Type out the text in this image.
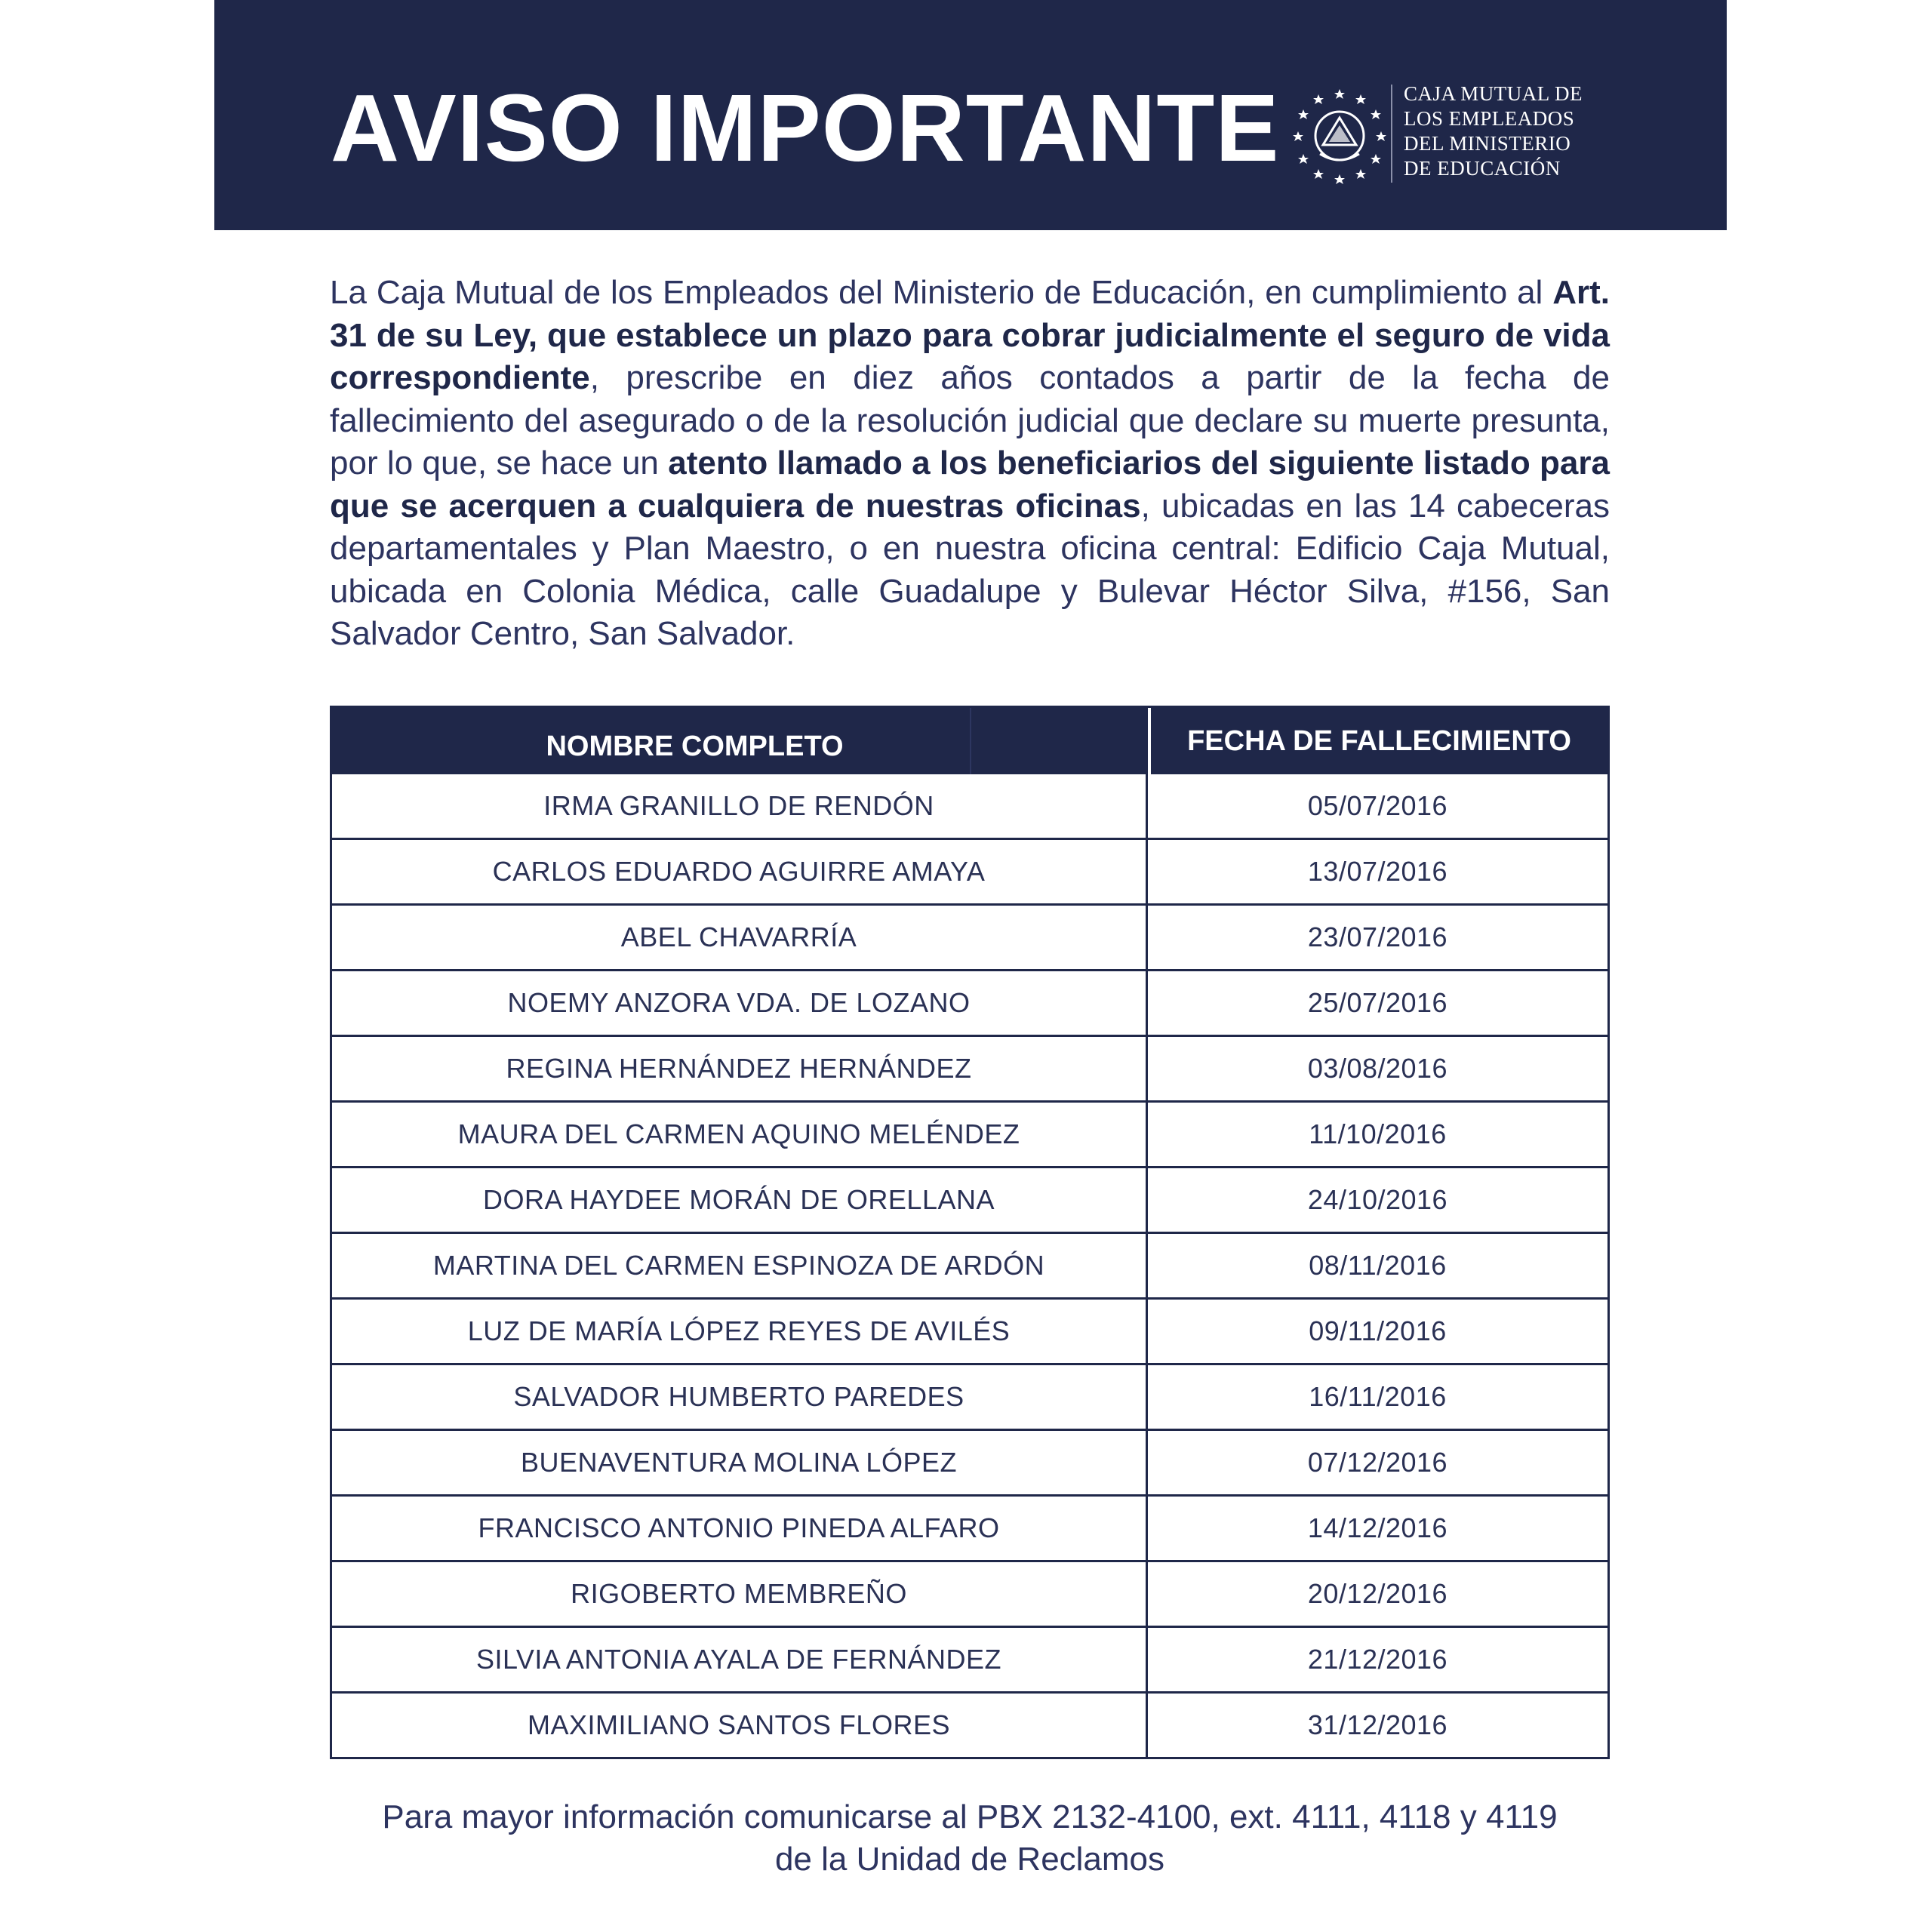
AVISO IMPORTANTE	CAJA MUTUAL DE
LOS EMPLEADOS
DEL MINISTERIO
DE EDUCACIÓN
La Caja Mutual de los Empleados del Ministerio de Educación, en cumplimiento al Art. 31 de su Ley, que establece un plazo para cobrar judicialmente el seguro de vida correspondiente, prescribe en diez años contados a partir de la fecha de fallecimiento del asegurado o de la resolución judicial que declare su muerte presunta, por lo que, se hace un atento llamado a los beneficiarios del siguiente listado para que se acerquen a cualquiera de nuestras oficinas, ubicadas en las 14 cabeceras departamentales y Plan Maestro, o en nuestra oficina central: Edificio Caja Mutual, ubicada en Colonia Médica, calle Guadalupe y Bulevar Héctor Silva, #156, San Salvador Centro, San Salvador.
NOMBRE COMPLETO	FECHA DE FALLECIMIENTO
IRMA GRANILLO DE RENDÓN	05/07/2016
CARLOS EDUARDO AGUIRRE AMAYA	13/07/2016
ABEL CHAVARRÍA	23/07/2016
NOEMY ANZORA VDA. DE LOZANO	25/07/2016
REGINA HERNÁNDEZ HERNÁNDEZ	03/08/2016
MAURA DEL CARMEN AQUINO MELÉNDEZ	11/10/2016
DORA HAYDEE MORÁN DE ORELLANA	24/10/2016
MARTINA DEL CARMEN ESPINOZA DE ARDÓN	08/11/2016
LUZ DE MARÍA LÓPEZ REYES DE AVILÉS	09/11/2016
SALVADOR HUMBERTO PAREDES	16/11/2016
BUENAVENTURA MOLINA LÓPEZ	07/12/2016
FRANCISCO ANTONIO PINEDA ALFARO	14/12/2016
RIGOBERTO MEMBREÑO	20/12/2016
SILVIA ANTONIA AYALA DE FERNÁNDEZ	21/12/2016
MAXIMILIANO SANTOS FLORES	31/12/2016
Para mayor información comunicarse al PBX 2132-4100, ext. 4111, 4118 y 4119
de la Unidad de Reclamos
